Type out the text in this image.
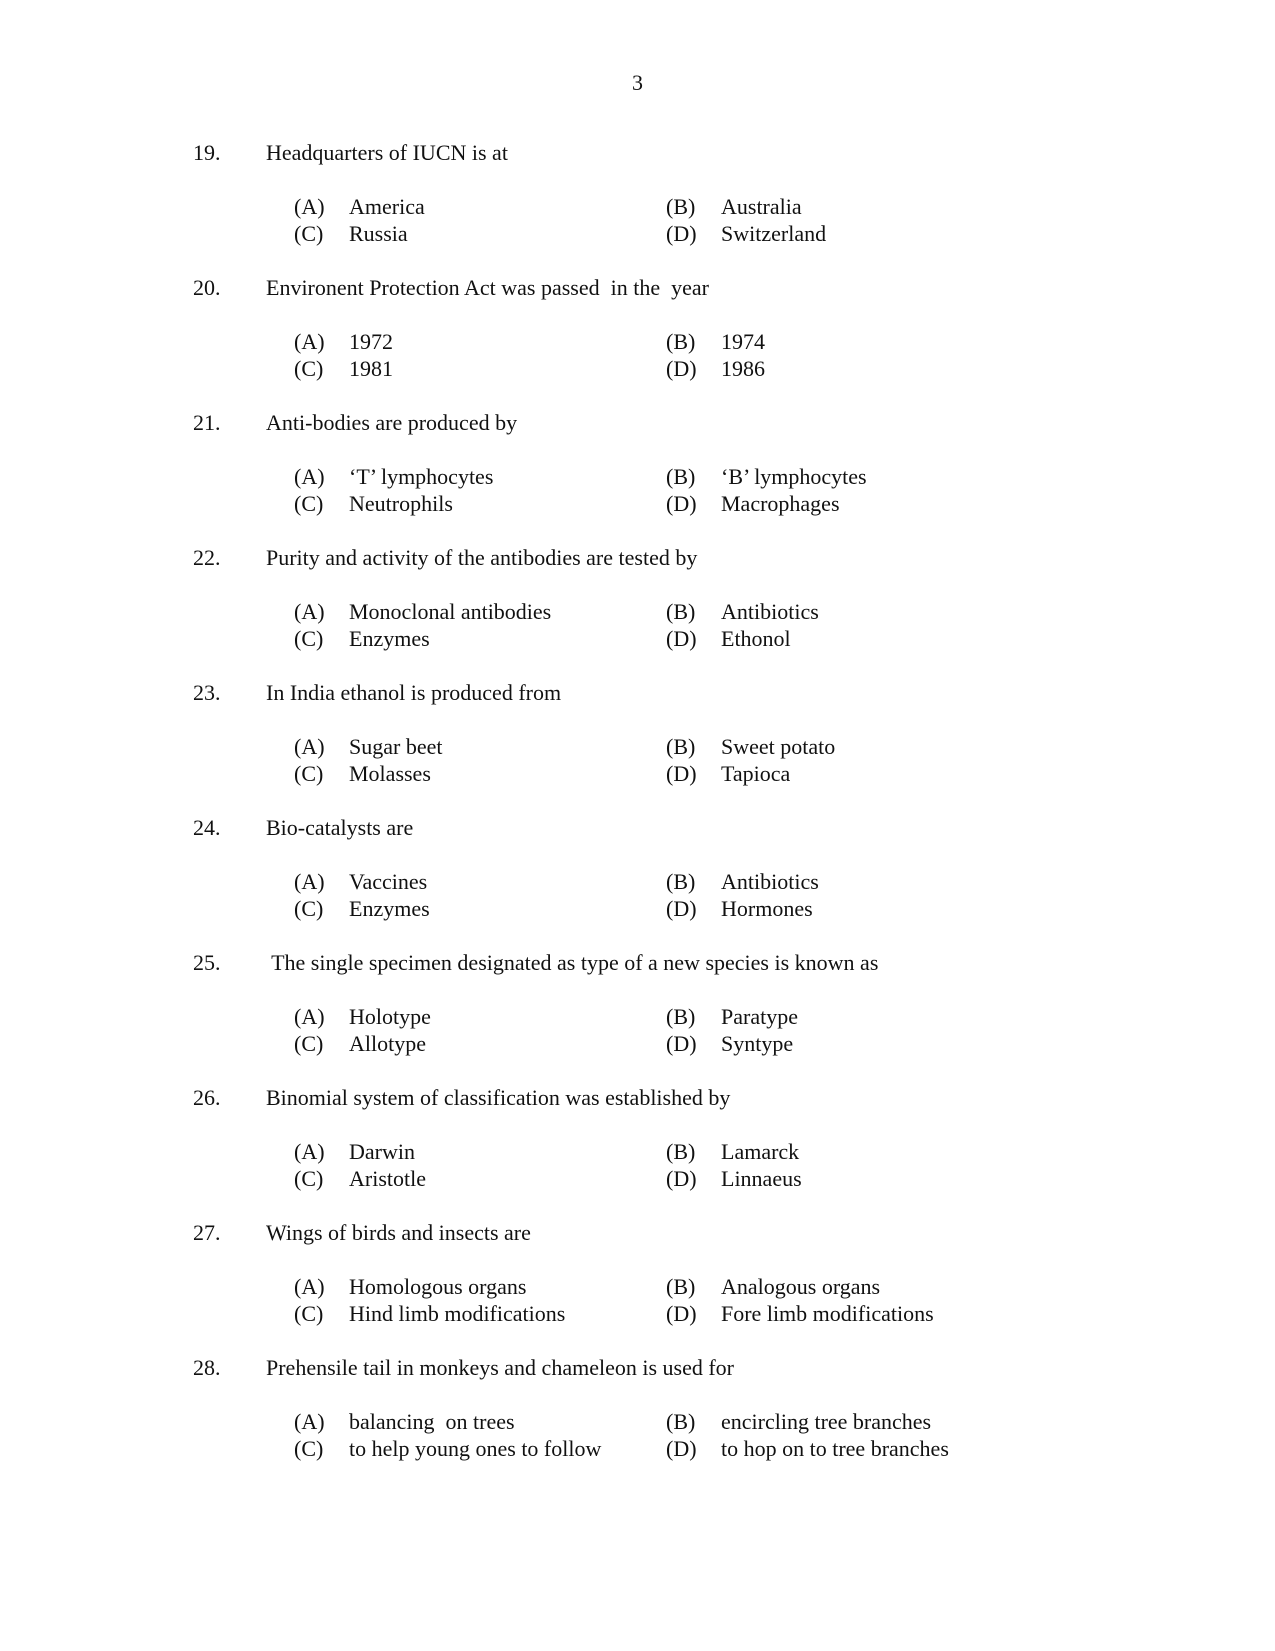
3
19. Headquarters of IUCN is at
(A) America	(B) Australia
(C) Russia	(D) Switzerland
20. Environent Protection Act was passed  in the  year
(A) 1972	(B) 1974
(C) 1981	(D) 1986
21. Anti-bodies are produced by
(A) ‘T’ lymphocytes	(B) ‘B’ lymphocytes
(C) Neutrophils	(D) Macrophages
22. Purity and activity of the antibodies are tested by
(A) Monoclonal antibodies	(B) Antibiotics
(C) Enzymes	(D) Ethonol
23. In India ethanol is produced from
(A) Sugar beet	(B) Sweet potato
(C) Molasses	(D) Tapioca
24. Bio-catalysts are
(A) Vaccines	(B) Antibiotics
(C) Enzymes	(D) Hormones
25. The single specimen designated as type of a new species is known as
(A) Holotype	(B) Paratype
(C) Allotype	(D) Syntype
26. Binomial system of classification was established by
(A) Darwin	(B) Lamarck
(C) Aristotle	(D) Linnaeus
27. Wings of birds and insects are
(A) Homologous organs	(B) Analogous organs
(C) Hind limb modifications	(D) Fore limb modifications
28. Prehensile tail in monkeys and chameleon is used for
(A) balancing  on trees	(B) encircling tree branches
(C) to help young ones to follow	(D) to hop on to tree branches
